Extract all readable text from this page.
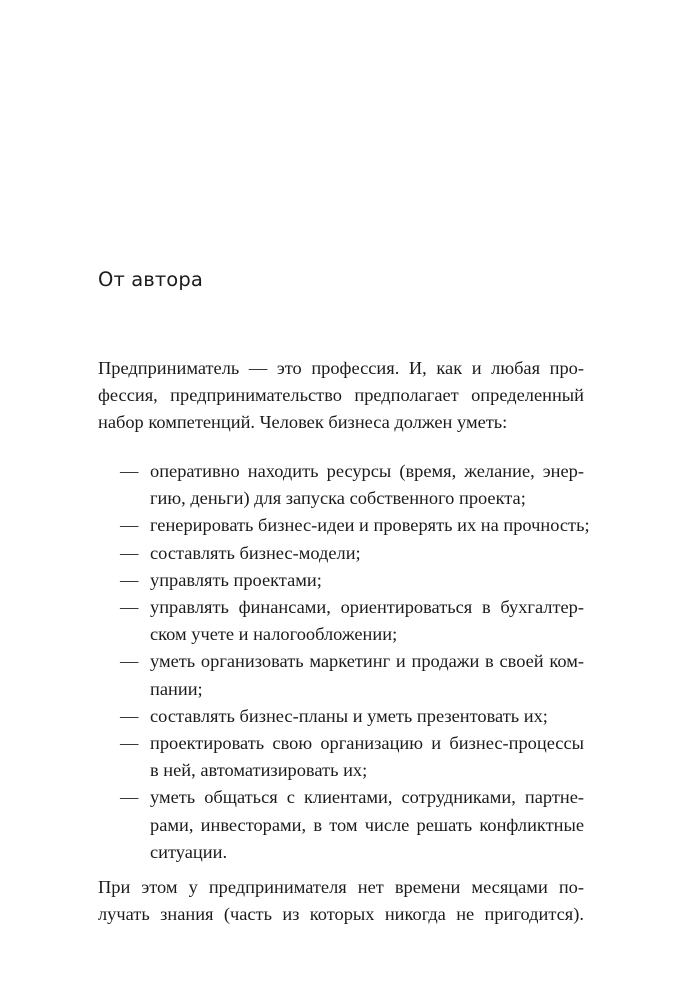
От автора
Предприниматель — это профессия. И, как и любая про-
фессия, предпринимательство предполагает определенный
набор компетенций. Человек бизнеса должен уметь:
— оперативно находить ресурсы (время, желание, энер-
гию, деньги) для запуска собственного проекта;
— генерировать бизнес-идеи и проверять их на прочность;
— составлять бизнес-модели;
— управлять проектами;
— управлять финансами, ориентироваться в бухгалтер-
ском учете и налогообложении;
— уметь организовать маркетинг и продажи в своей ком-
пании;
— составлять бизнес-планы и уметь презентовать их;
— проектировать свою организацию и бизнес-процессы
в ней, автоматизировать их;
— уметь общаться с клиентами, сотрудниками, партне-
рами, инвесторами, в том числе решать конфликтные
ситуации.
При этом у предпринимателя нет времени месяцами по-
лучать знания (часть из которых никогда не пригодится).
